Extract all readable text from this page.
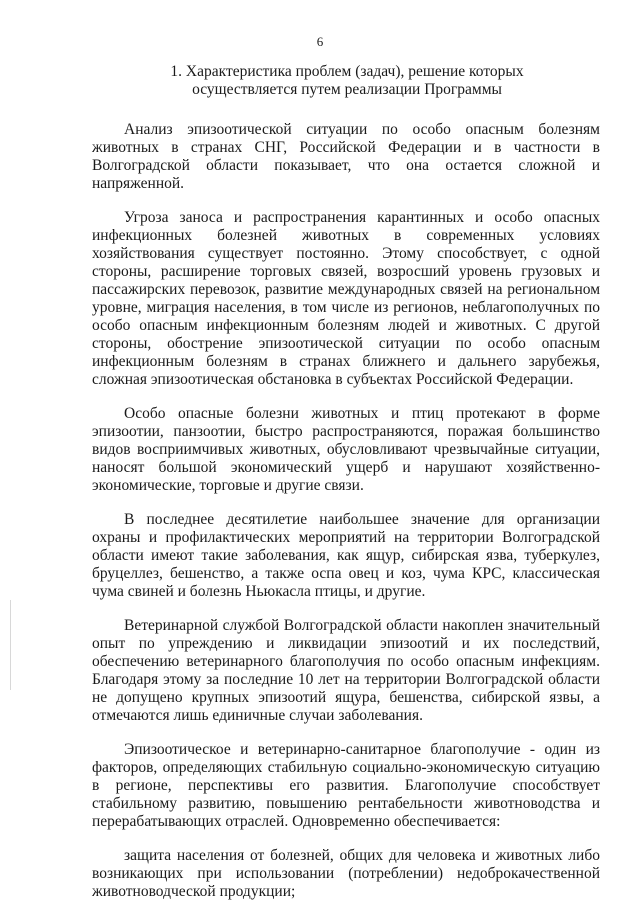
6
1. Характеристика проблем (задач), решение которых
осуществляется путем реализации Программы

Анализ эпизоотической ситуации по особо опасным болезням животных в странах СНГ, Российской Федерации и в частности в Волгоградской области показывает, что она остается сложной и напряженной.

Угроза заноса и распространения карантинных и особо опасных инфекционных болезней животных в современных условиях хозяйствования существует постоянно. Этому способствует, с одной стороны, расширение торговых связей, возросший уровень грузовых и пассажирских перевозок, развитие международных связей на региональном уровне, миграция населения, в том числе из регионов, неблагополучных по особо опасным инфекционным болезням людей и животных. С другой стороны, обострение эпизоотической ситуации по особо опасным инфекционным болезням в странах ближнего и дальнего зарубежья, сложная эпизоотическая обстановка в субъектах Российской Федерации.

Особо опасные болезни животных и птиц протекают в форме эпизоотии, панзоотии, быстро распространяются, поражая большинство видов восприимчивых животных, обусловливают чрезвычайные ситуации, наносят большой экономический ущерб и нарушают хозяйственно-экономические, торговые и другие связи.

В последнее десятилетие наибольшее значение для организации охраны и профилактических мероприятий на территории Волгоградской области имеют такие заболевания, как ящур, сибирская язва, туберкулез, бруцеллез, бешенство, а также оспа овец и коз, чума КРС, классическая чума свиней и болезнь Ньюкасла птицы, и другие.

Ветеринарной службой Волгоградской области накоплен значительный опыт по упреждению и ликвидации эпизоотий и их последствий, обеспечению ветеринарного благополучия по особо опасным инфекциям. Благодаря этому за последние 10 лет на территории Волгоградской области не допущено крупных эпизоотий ящура, бешенства, сибирской язвы, а отмечаются лишь единичные случаи заболевания.

Эпизоотическое и ветеринарно-санитарное благополучие - один из факторов, определяющих стабильную социально-экономическую ситуацию в регионе, перспективы его развития. Благополучие способствует стабильному развитию, повышению рентабельности животноводства и перерабатывающих отраслей. Одновременно обеспечивается:

защита населения от болезней, общих для человека и животных либо возникающих при использовании (потреблении) недоброкачественной животноводческой продукции;
